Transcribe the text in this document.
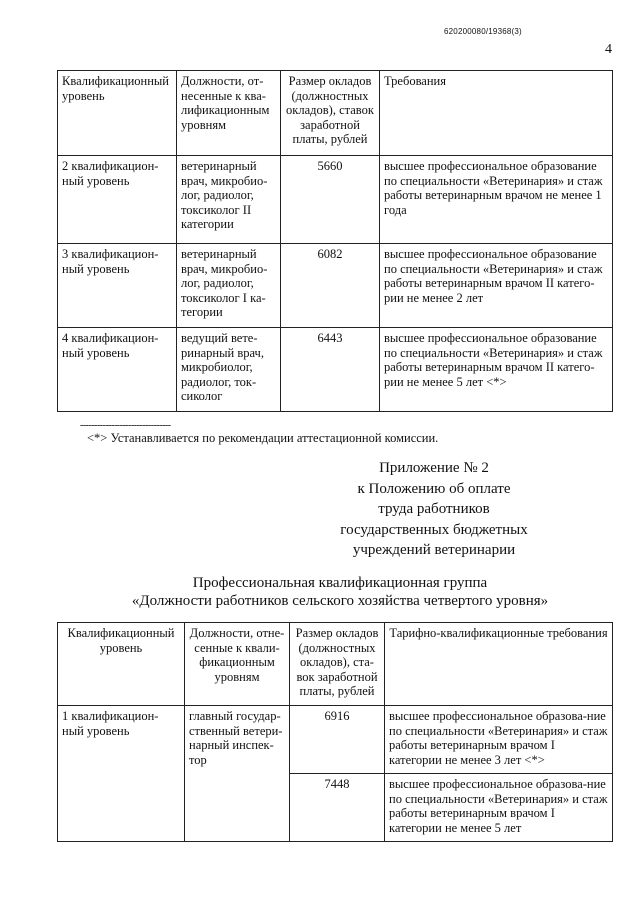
620200080/19368(3)
4
Квалификационный уровень	Должности, от-несенные к ква-лификационным уровням	Размер окладов (должностных окладов), ставок заработной платы, рублей	Требования
2 квалификацион-ный уровень	ветеринарный врач, микробио-лог, радиолог, токсиколог II категории	5660	высшее профессиональное образование по специальности «Ветеринария» и стаж работы ветеринарным врачом не менее 1 года
3 квалификацион-ный уровень	ветеринарный врач, микробио-лог, радиолог, токсиколог I ка-тегории	6082	высшее профессиональное образование по специальности «Ветеринария» и стаж работы ветеринарным врачом II катего-рии не менее 2 лет
4 квалификацион-ный уровень	ведущий вете-ринарный врач, микробиолог, радиолог, ток-сиколог	6443	высшее профессиональное образование по специальности «Ветеринария» и стаж работы ветеринарным врачом II катего-рии не менее 5 лет <*>
--------------------------------
<*> Устанавливается по рекомендации аттестационной комиссии.
Приложение № 2
к Положению об оплате
труда работников
государственных бюджетных
учреждений ветеринарии
Профессиональная квалификационная группа
«Должности работников сельского хозяйства четвертого уровня»
Квалификационный уровень	Должности, отне-сенные к квали-фикационным уровням	Размер окладов (должностных окладов), ста-вок заработной платы, рублей	Тарифно-квалификационные требования
1 квалификацион-ный уровень	главный государ-ственный ветери-нарный инспек-тор	6916	высшее профессиональное образова-ние по специальности «Ветеринария» и стаж работы ветеринарным врачом I категории не менее 3 лет <*>
		7448	высшее профессиональное образова-ние по специальности «Ветеринария» и стаж работы ветеринарным врачом I категории не менее 5 лет
